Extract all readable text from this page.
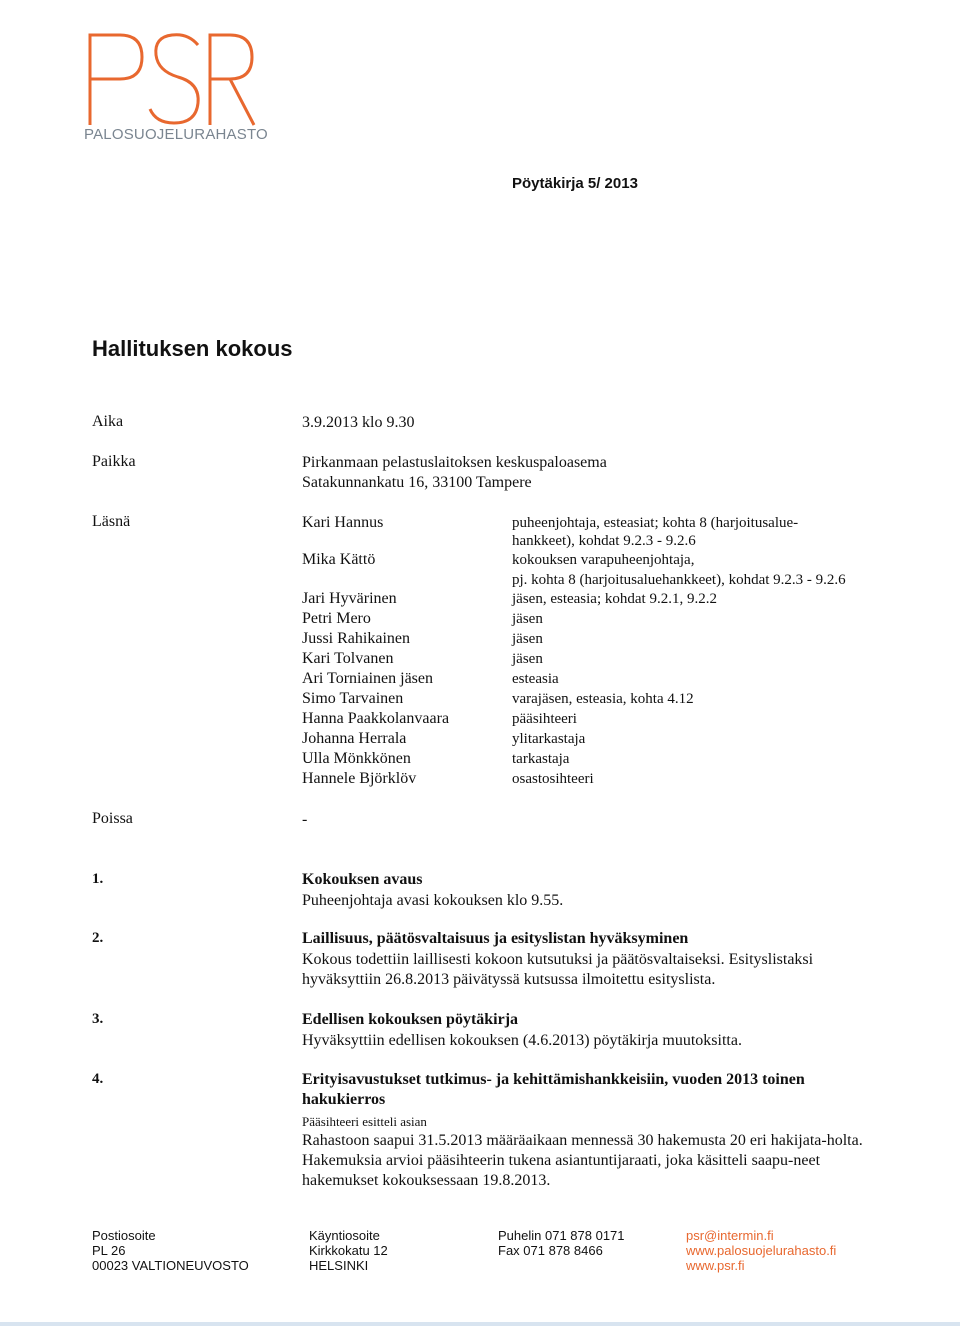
PALOSUOJELURAHASTO
Pöytäkirja 5/ 2013
Hallituksen kokous
Aika	3.9.2013 klo 9.30
Paikka	Pirkanmaan pelastuslaitoksen keskuspaloasema
Satakunnankatu 16, 33100 Tampere
Läsnä	Kari Hannus	puheenjohtaja, esteasiat; kohta 8 (harjoitusalue-
hankkeet), kohdat 9.2.3 - 9.2.6
Mika Kättö	kokouksen varapuheenjohtaja,
pj. kohta 8 (harjoitusaluehankkeet), kohdat 9.2.3 - 9.2.6
Jari Hyvärinen	jäsen, esteasia; kohdat 9.2.1, 9.2.2
Petri Mero	jäsen
Jussi Rahikainen	jäsen
Kari Tolvanen	jäsen
Ari Torniainen jäsen	esteasia
Simo Tarvainen	varajäsen, esteasia, kohta 4.12
Hanna Paakkolanvaara	pääsihteeri
Johanna Herrala	ylitarkastaja
Ulla Mönkkönen	tarkastaja
Hannele Björklöv	osastosihteeri
Poissa	-
1.	Kokouksen avaus
Puheenjohtaja avasi kokouksen klo 9.55.
2.	Laillisuus, päätösvaltaisuus ja esityslistan hyväksyminen
Kokous todettiin laillisesti kokoon kutsutuksi ja päätösvaltaiseksi. Esityslistaksi hyväksyttiin 26.8.2013 päivätyssä kutsussa ilmoitettu esityslista.
3.	Edellisen kokouksen pöytäkirja
Hyväksyttiin edellisen kokouksen (4.6.2013) pöytäkirja muutoksitta.
4.	Erityisavustukset tutkimus- ja kehittämishankkeisiin, vuoden 2013 toinen
hakukierros
Pääsihteeri esitteli asian
Rahastoon saapui 31.5.2013 määräaikaan mennessä 30 hakemusta 20 eri hakijata-holta. Hakemuksia arvioi pääsihteerin tukena asiantuntijaraati, joka käsitteli saapu-neet hakemukset kokouksessaan 19.8.2013.
Postiosoite
PL 26
00023 VALTIONEUVOSTO
Käyntiosoite
Kirkkokatu 12
HELSINKI
Puhelin 071 878 0171
Fax 071 878 8466
psr@intermin.fi
www.palosuojelurahasto.fi
www.psr.fi
